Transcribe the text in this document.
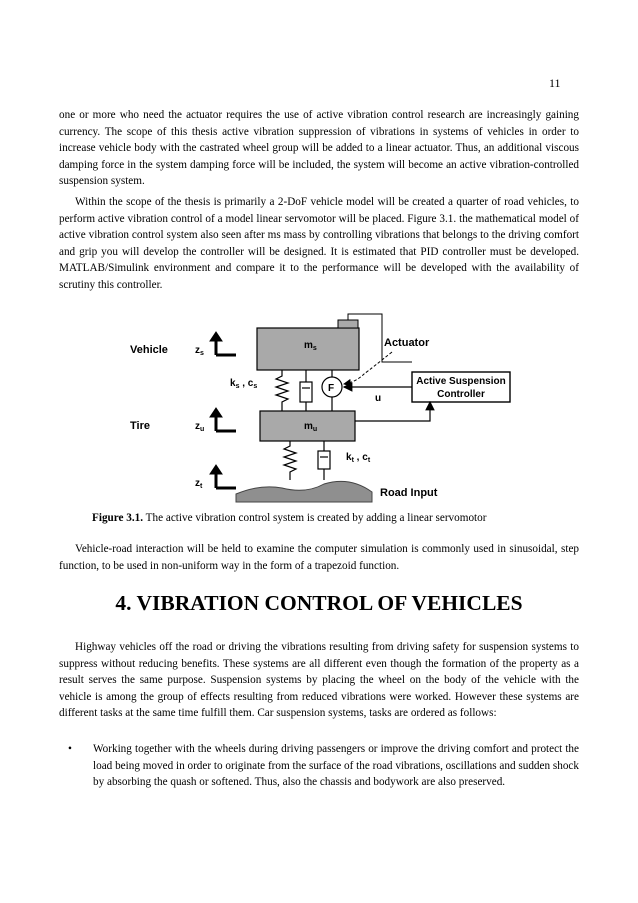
11

one or more who need the actuator requires the use of active vibration control research are increasingly gaining currency. The scope of this thesis active vibration suppression of vibrations in systems of vehicles in order to increase vehicle body with the castrated wheel group will be added to a linear actuator. Thus, an additional viscous damping force in the system damping force will be included, the system will become an active vibration-controlled suspension system.

Within the scope of the thesis is primarily a 2-DoF vehicle model will be created a quarter of road vehicles, to perform active vibration control of a model linear servomotor will be placed. Figure 3.1. the mathematical model of active vibration control system also seen after ms mass by controlling vibrations that belongs to the driving comfort and grip you will develop the controller will be designed. It is estimated that PID controller must be developed. MATLAB/Simulink environment and compare it to the performance will be developed with the availability of scrutiny this controller.

Vehicle
Tire
$z_s$
$z_u$
$z_t$
$m_s$
$m_u$
$k_s$ , $c_s$	F
Actuator
Active Suspension
Controller
u
$k_t$ , $c_t$
Road Input
Figure 3.1. The active vibration control system is created by adding a linear servomotor

Vehicle-road interaction will be held to examine the computer simulation is commonly used in sinusoidal, step function, to be used in non-uniform way in the form of a trapezoid function.

4. VIBRATION CONTROL OF VEHICLES

Highway vehicles off the road or driving the vibrations resulting from driving safety for suspension systems to suppress without reducing benefits. These systems are all different even though the formation of the property as a result serves the same purpose. Suspension systems by placing the wheel on the body of the vehicle with the vehicle is among the group of effects resulting from reduced vibrations were worked. However these systems are different tasks at the same time fulfill them. Car suspension systems, tasks are ordered as follows:

• Working together with the wheels during driving passengers or improve the driving comfort and protect the load being moved in order to originate from the surface of the road vibrations, oscillations and sudden shock by absorbing the quash or softened. Thus, also the chassis and bodywork are also preserved.
